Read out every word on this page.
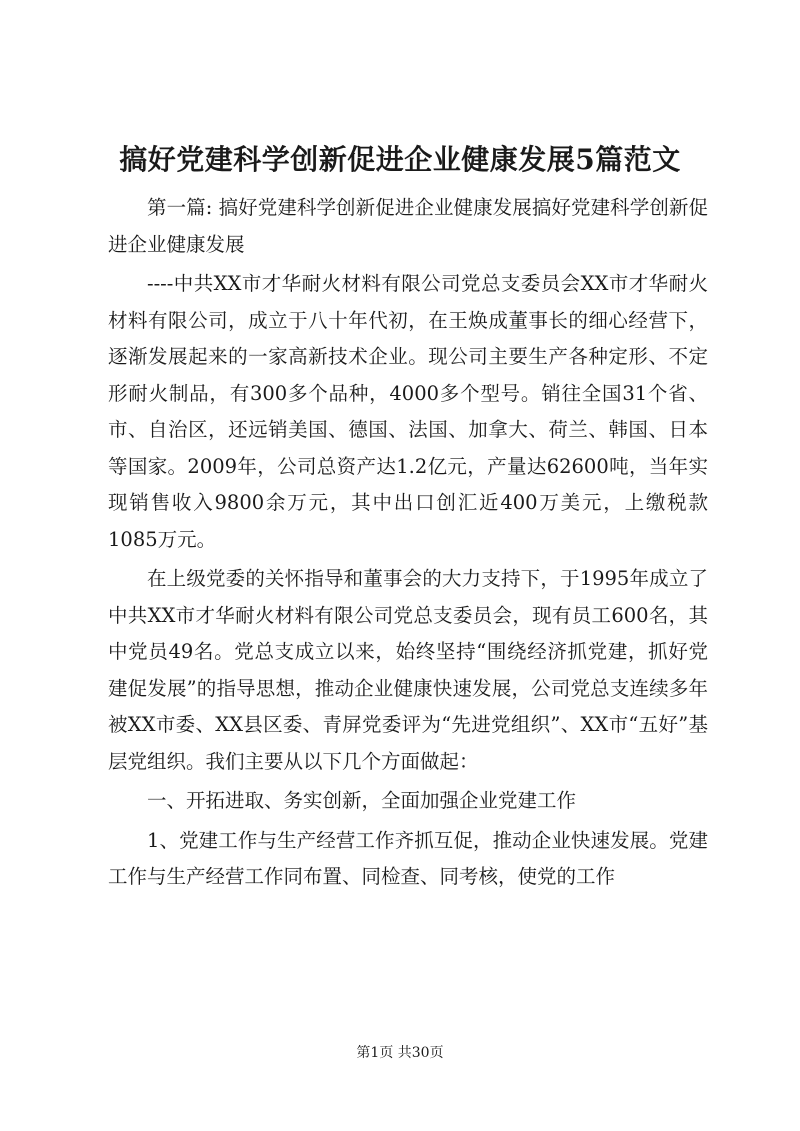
搞好党建科学创新促进企业健康发展5篇范文

第一篇: 搞好党建科学创新促进企业健康发展搞好党建科学创新促进企业健康发展

----中共XX市才华耐火材料有限公司党总支委员会XX市才华耐火材料有限公司，成立于八十年代初，在王焕成董事长的细心经营下，逐渐发展起来的一家高新技术企业。现公司主要生产各种定形、不定形耐火制品，有300多个品种，4000多个型号。销往全国31个省、市、自治区，还远销美国、德国、法国、加拿大、荷兰、韩国、日本等国家。2009年，公司总资产达1.2亿元，产量达62600吨，当年实现销售收入9800余万元，其中出口创汇近400万美元，上缴税款1085万元。

在上级党委的关怀指导和董事会的大力支持下，于1995年成立了中共XX市才华耐火材料有限公司党总支委员会，现有员工600名，其中党员49名。党总支成立以来，始终坚持“围绕经济抓党建，抓好党建促发展”的指导思想，推动企业健康快速发展，公司党总支连续多年被XX市委、XX县区委、青屏党委评为“先进党组织”、XX市“五好”基层党组织。我们主要从以下几个方面做起：

一、开拓进取、务实创新，全面加强企业党建工作

1、党建工作与生产经营工作齐抓互促，推动企业快速发展。党建工作与生产经营工作同布置、同检查、同考核，使党的工作

第1页 共30页
